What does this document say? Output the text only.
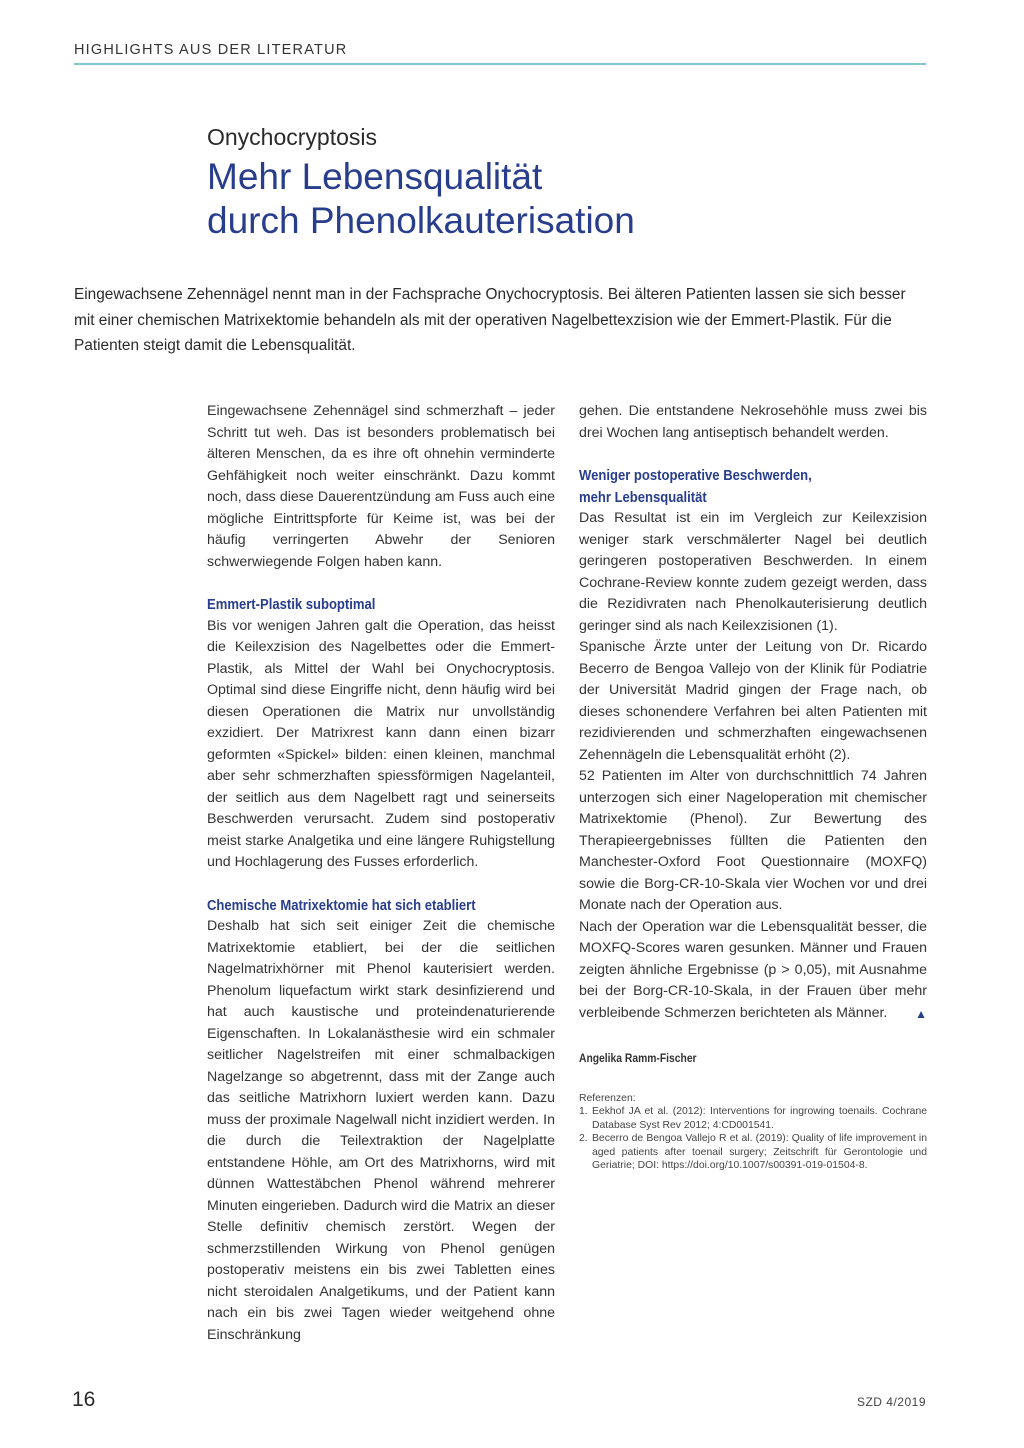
HIGHLIGHTS AUS DER LITERATUR
Onychocryptosis
Mehr Lebensqualität
durch Phenolkauterisation

Eingewachsene Zehennägel nennt man in der Fachsprache Onychocryptosis. Bei älteren Patienten lassen sie sich besser mit einer chemischen Matrixektomie behandeln als mit der operativen Nagelbettexzision wie der Emmert-Plastik. Für die Patienten steigt damit die Lebensqualität.

Eingewachsene Zehennägel sind schmerzhaft – jeder Schritt tut weh. Das ist besonders problematisch bei älteren Menschen, da es ihre oft ohnehin verminderte Gehfähigkeit noch weiter einschränkt. Dazu kommt noch, dass diese Dauerentzündung am Fuss auch eine mögliche Eintrittspforte für Keime ist, was bei der häufig verringerten Abwehr der Senioren schwerwiegende Folgen haben kann.

Emmert-Plastik suboptimal

Bis vor wenigen Jahren galt die Operation, das heisst die Keilexzision des Nagelbettes oder die Emmert-Plastik, als Mittel der Wahl bei Onychocryptosis. Optimal sind diese Eingriffe nicht, denn häufig wird bei diesen Operationen die Matrix nur unvollständig exzidiert. Der Matrixrest kann dann einen bizarr geformten «Spickel» bilden: einen kleinen, manchmal aber sehr schmerzhaften spiessförmigen Nagelanteil, der seitlich aus dem Nagelbett ragt und seinerseits Beschwerden verursacht. Zudem sind postoperativ meist starke Analgetika und eine längere Ruhigstellung und Hochlagerung des Fusses erforderlich.

Chemische Matrixektomie hat sich etabliert

Deshalb hat sich seit einiger Zeit die chemische Matrixektomie etabliert, bei der die seitlichen Nagelmatrixhörner mit Phenol kauterisiert werden. Phenolum liquefactum wirkt stark desinfizierend und hat auch kaustische und proteindenaturierende Eigenschaften. In Lokalanästhesie wird ein schmaler seitlicher Nagelstreifen mit einer schmalbackigen Nagelzange so abgetrennt, dass mit der Zange auch das seitliche Matrixhorn luxiert werden kann. Dazu muss der proximale Nagelwall nicht inzidiert werden. In die durch die Teilextraktion der Nagelplatte entstandene Höhle, am Ort des Matrixhorns, wird mit dünnen Wattestäbchen Phenol während mehrerer Minuten eingerieben. Dadurch wird die Matrix an dieser Stelle definitiv chemisch zerstört. Wegen der schmerzstillenden Wirkung von Phenol genügen postoperativ meistens ein bis zwei Tabletten eines nicht steroidalen Analgetikums, und der Patient kann nach ein bis zwei Tagen wieder weitgehend ohne Einschränkung

gehen. Die entstandene Nekrosehöhle muss zwei bis drei Wochen lang antiseptisch behandelt werden.

Weniger postoperative Beschwerden,
mehr Lebensqualität

Das Resultat ist ein im Vergleich zur Keilexzision weniger stark verschmälerter Nagel bei deutlich geringeren postoperativen Beschwerden. In einem Cochrane-Review konnte zudem gezeigt werden, dass die Rezidivraten nach Phenolkauterisierung deutlich geringer sind als nach Keilexzisionen (1).

Spanische Ärzte unter der Leitung von Dr. Ricardo Becerro de Bengoa Vallejo von der Klinik für Podiatrie der Universität Madrid gingen der Frage nach, ob dieses schonendere Verfahren bei alten Patienten mit rezidivierenden und schmerzhaften eingewachsenen Zehennägeln die Lebensqualität erhöht (2).

52 Patienten im Alter von durchschnittlich 74 Jahren unterzogen sich einer Nageloperation mit chemischer Matrixektomie (Phenol). Zur Bewertung des Therapieergebnisses füllten die Patienten den Manchester-Oxford Foot Questionnaire (MOXFQ) sowie die Borg-CR-10-Skala vier Wochen vor und drei Monate nach der Operation aus.

Nach der Operation war die Lebensqualität besser, die MOXFQ-Scores waren gesunken. Männer und Frauen zeigten ähnliche Ergebnisse (p > 0,05), mit Ausnahme bei der Borg-CR-10-Skala, in der Frauen über mehr verbleibende Schmerzen berichteten als Männer.	▲
Angelika Ramm-Fischer
Referenzen:
1. Eekhof JA et al. (2012): Interventions for ingrowing toenails. Cochrane Database Syst Rev 2012; 4:CD001541.
2. Becerro de Bengoa Vallejo R et al. (2019): Quality of life improvement in aged patients after toenail surgery; Zeitschrift für Gerontologie und Geriatrie; DOI: https://doi.org/10.1007/s00391-019-01504-8.
16	SZD 4/2019
